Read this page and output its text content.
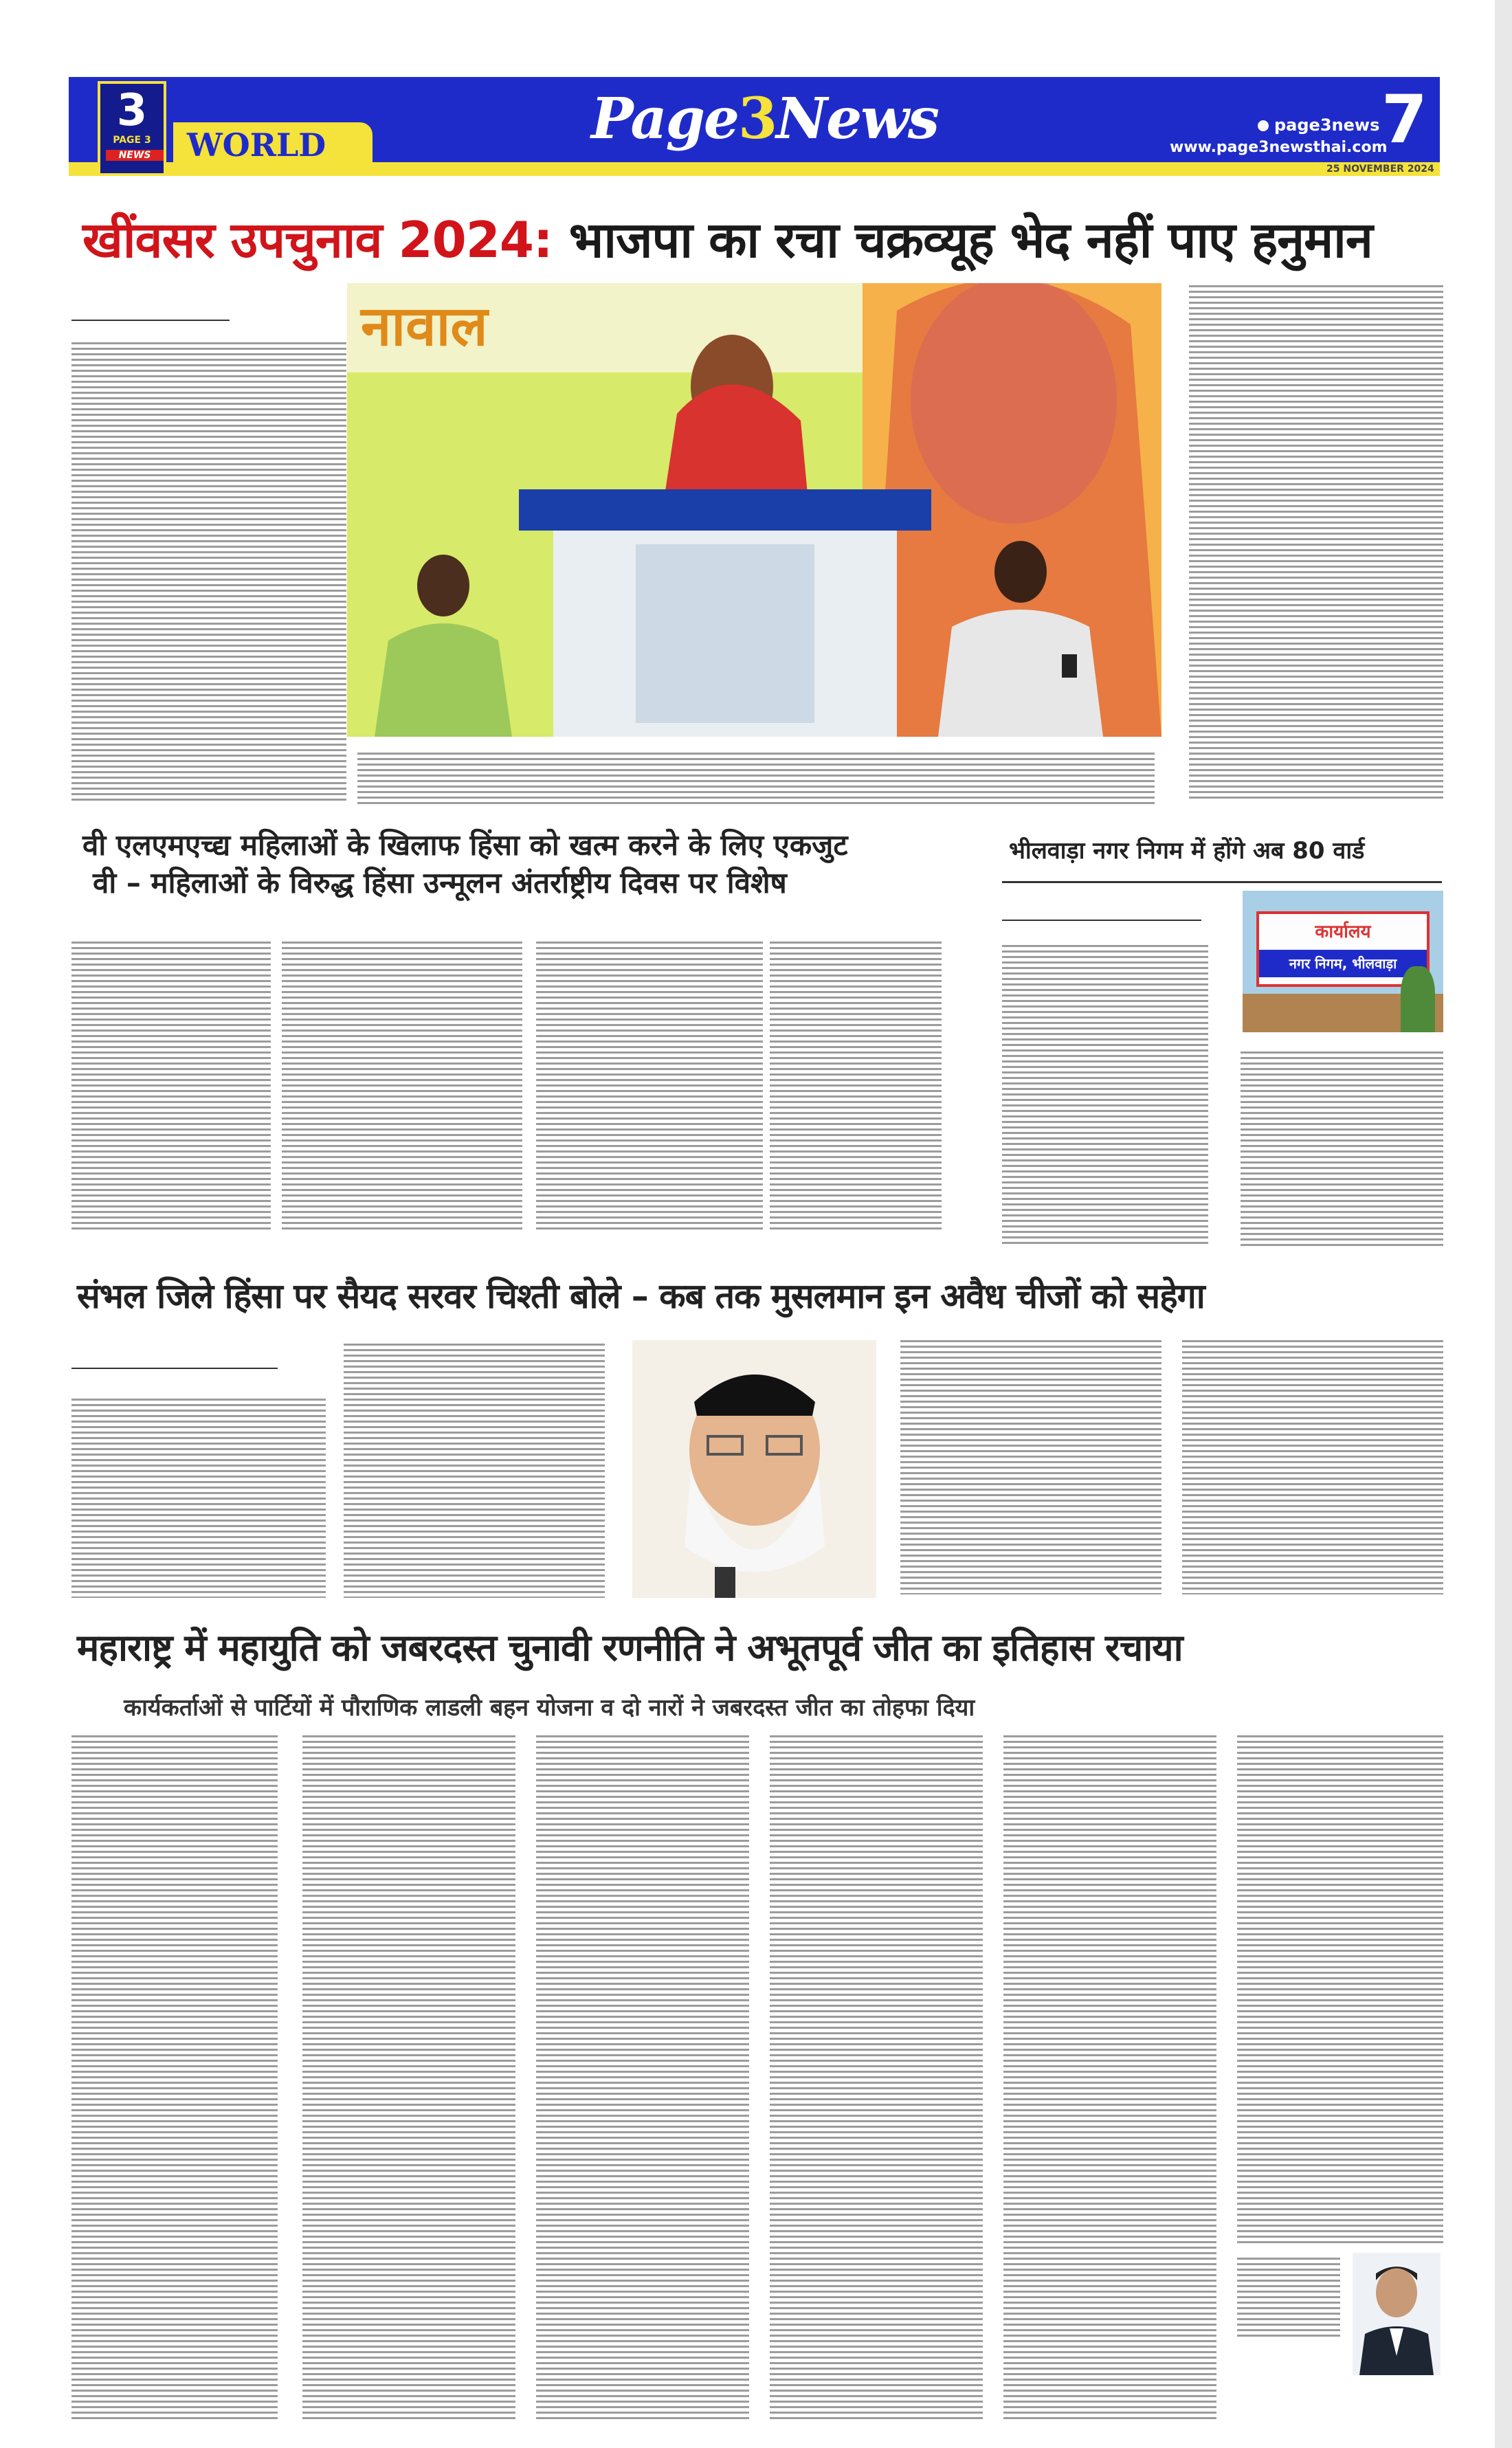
WORLD
3
PAGE 3
NEWS
Page3News	page3news
www.page3newsthai.com
7
25 NOVEMBER 2024
खींवसर उपचुनाव 2024: भाजपा का रचा चक्रव्यूह भेद नहीं पाए हनुमान
नावाल
वी एलएमएच्द्य महिलाओं के खिलाफ हिंसा को खत्म करने के लिए एकजुट
वी – महिलाओं के विरुद्ध हिंसा उन्मूलन अंतर्राष्ट्रीय दिवस पर विशेष
भीलवाड़ा नगर निगम में होंगे अब 80 वार्ड
कार्यालय
नगर निगम, भीलवाड़ा
संभल जिले हिंसा पर सैयद सरवर चिश्ती बोले – कब तक मुसलमान इन अवैध चीजों को सहेगा
महाराष्ट्र में महायुति को जबरदस्त चुनावी रणनीति ने अभूतपूर्व जीत का इतिहास रचाया
कार्यकर्ताओं से पार्टियों में पौराणिक लाडली बहन योजना व दो नारों ने जबरदस्त जीत का तोहफा दिया
